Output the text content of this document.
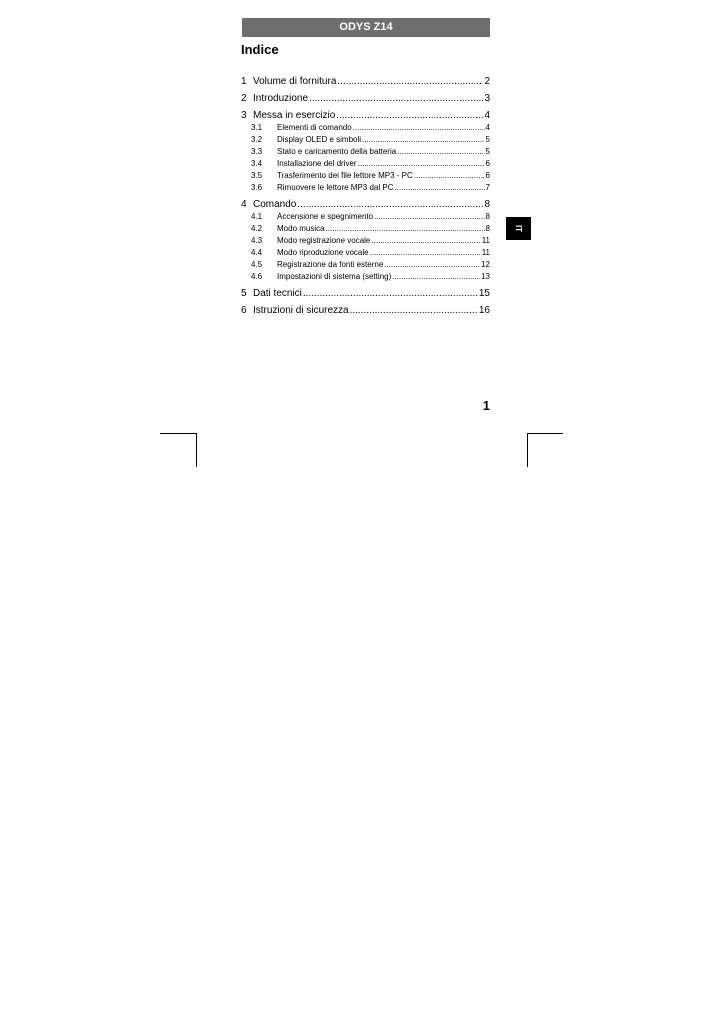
ODYS Z14
Indice
1 Volume di fornitura .....	2
2 Introduzione .....	3
3 Messa in esercizio .....	4
3.1	Elementi di comando .....	4
3.2	Display OLED e simboli .....	5
3.3	Stato e caricamento della batteria .....	5
3.4	Installazione del driver .....	6
3.5	Trasferimento dei file lettore MP3 - PC .....	6
3.6	Rimuovere le lettore MP3 dal PC .....	7
4 Comando .....	8
4.1	Accensione e spegnimento .....	8
4.2	Modo musica .....	8
4.3	Modo registrazione vocale .....	11
4.4	Modo riproduzione vocale .....	11
4.5	Registrazione da fonti esterne .....	12
4.6	Impostazioni di sistema (setting) .....	13
5 Dati tecnici .....	15
6 Istruzioni di sicurezza .....	16
IT
1
